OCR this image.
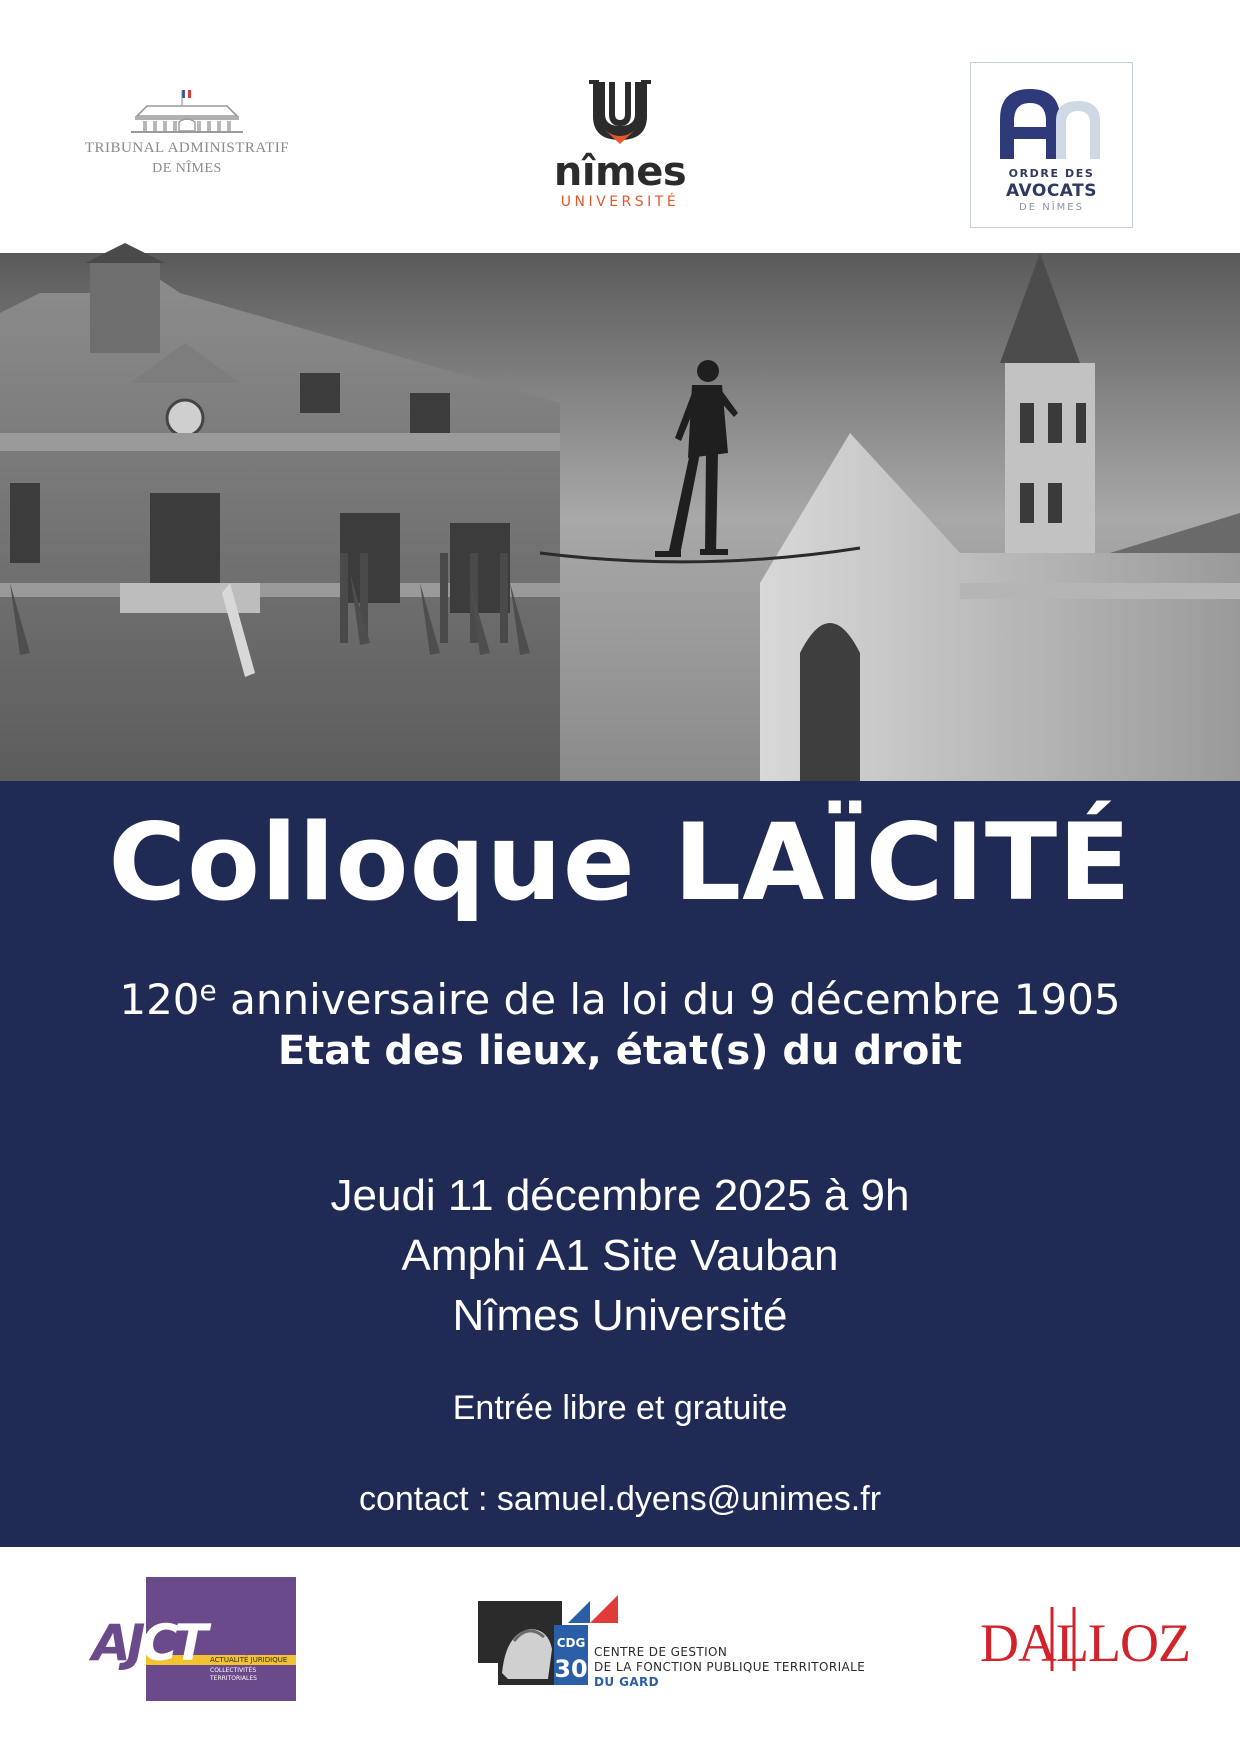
TRIBUNAL ADMINISTRATIF
DE NÎMES	nîmes
UNIVERSITÉ
ORDRE DES
AVOCATS
DE NÎMES
Colloque LAÏCITÉ
120e anniversaire de la loi du 9 décembre 1905
Etat des lieux, état(s) du droit
Jeudi 11 décembre 2025 à 9h
Amphi A1 Site Vauban
Nîmes Université
Entrée libre et gratuite
contact : samuel.dyens@unimes.fr
AJCT ACTUALITÉ JURIDIQUE
COLLECTIVITÉS TERRITORIALES
CDG
30
CENTRE DE GESTION
DE LA FONCTION PUBLIQUE TERRITORIALE
DU GARD
DALLOZ
